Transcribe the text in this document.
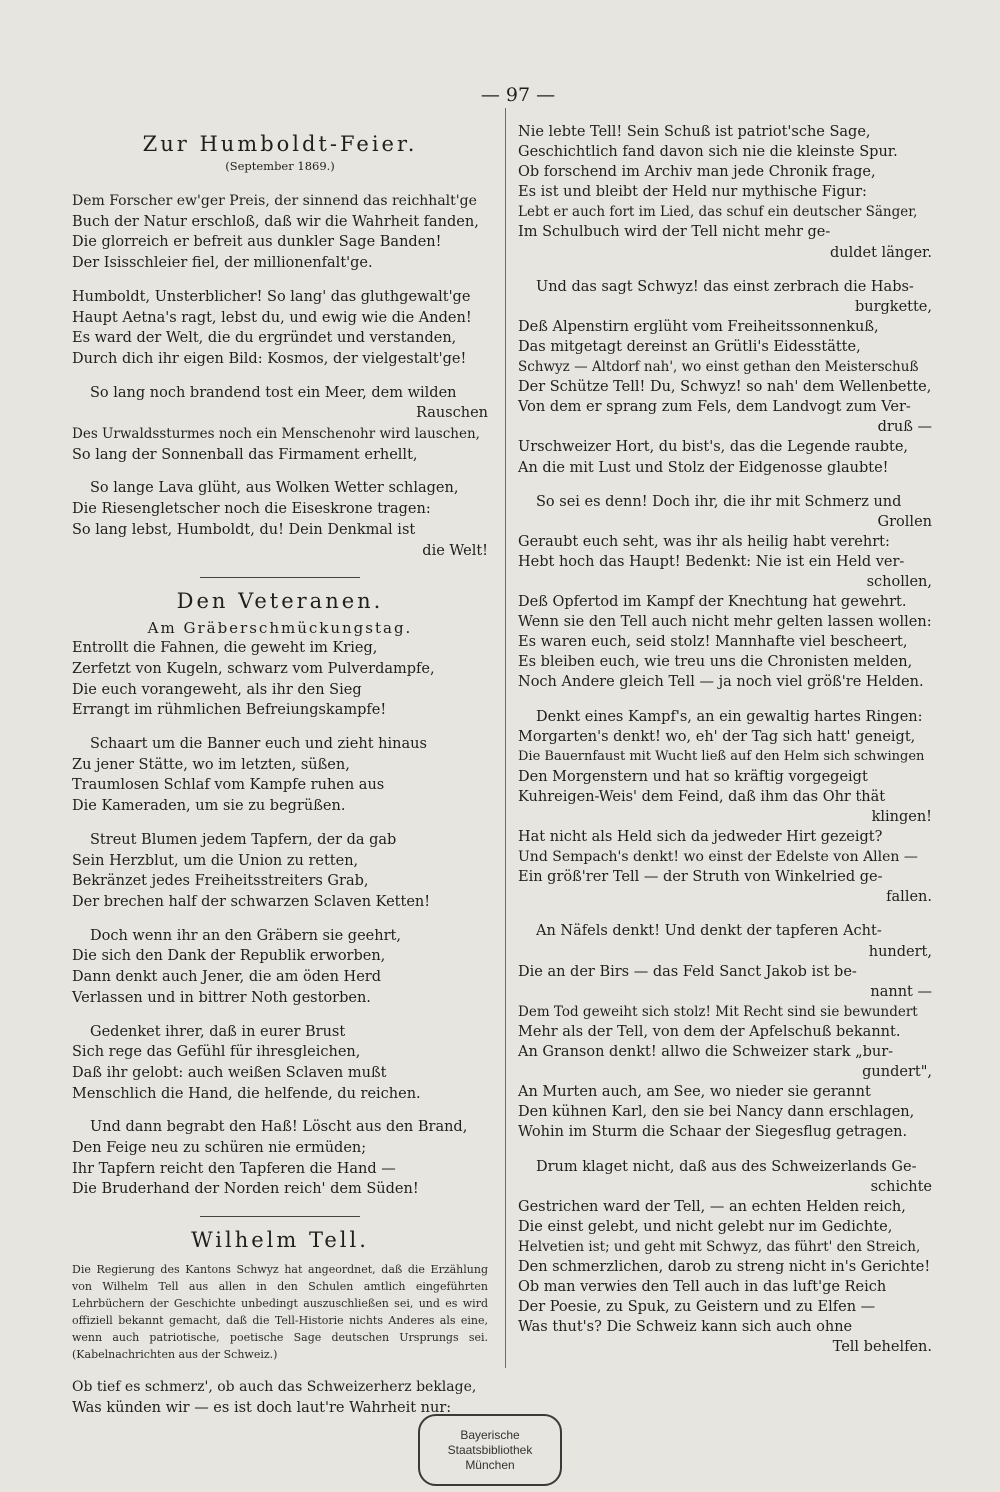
— 97 —
Zur Humboldt-Feier.
(September 1869.)
Dem Forscher ew'ger Preis, der sinnend das reichhalt'ge
Buch der Natur erschloß, daß wir die Wahrheit fanden,
Die glorreich er befreit aus dunkler Sage Banden!
Der Isisschleier fiel, der millionenfalt'ge.
Humboldt, Unsterblicher! So lang' das gluthgewalt'ge
Haupt Aetna's ragt, lebst du, und ewig wie die Anden!
Es ward der Welt, die du ergründet und verstanden,
Durch dich ihr eigen Bild: Kosmos, der vielgestalt'ge!
So lang noch brandend tost ein Meer, dem wilden
Rauschen
Des Urwaldssturmes noch ein Menschenohr wird lauschen,
So lang der Sonnenball das Firmament erhellt,
So lange Lava glüht, aus Wolken Wetter schlagen,
Die Riesengletscher noch die Eiseskrone tragen:
So lang lebst, Humboldt, du! Dein Denkmal ist
die Welt!
Den Veteranen.
Am Gräberschmückungstag.
Entrollt die Fahnen, die geweht im Krieg,
Zerfetzt von Kugeln, schwarz vom Pulverdampfe,
Die euch vorangeweht, als ihr den Sieg
Errangt im rühmlichen Befreiungskampfe!
Schaart um die Banner euch und zieht hinaus
Zu jener Stätte, wo im letzten, süßen,
Traumlosen Schlaf vom Kampfe ruhen aus
Die Kameraden, um sie zu begrüßen.
Streut Blumen jedem Tapfern, der da gab
Sein Herzblut, um die Union zu retten,
Bekränzet jedes Freiheitsstreiters Grab,
Der brechen half der schwarzen Sclaven Ketten!
Doch wenn ihr an den Gräbern sie geehrt,
Die sich den Dank der Republik erworben,
Dann denkt auch Jener, die am öden Herd
Verlassen und in bittrer Noth gestorben.
Gedenket ihrer, daß in eurer Brust
Sich rege das Gefühl für ihresgleichen,
Daß ihr gelobt: auch weißen Sclaven mußt
Menschlich die Hand, die helfende, du reichen.
Und dann begrabt den Haß! Löscht aus den Brand,
Den Feige neu zu schüren nie ermüden;
Ihr Tapfern reicht den Tapferen die Hand —
Die Bruderhand der Norden reich' dem Süden!
Wilhelm Tell.
Die Regierung des Kantons Schwyz hat angeordnet, daß die Erzählung von Wilhelm Tell aus allen in den Schulen amtlich eingeführten Lehrbüchern der Geschichte unbedingt auszuschließen sei, und es wird offiziell bekannt gemacht, daß die Tell-Historie nichts Anderes als eine, wenn auch patriotische, poetische Sage deutschen Ursprungs sei. (Kabelnachrichten aus der Schweiz.)
Ob tief es schmerz', ob auch das Schweizerherz beklage,
Was künden wir — es ist doch laut're Wahrheit nur:
Nie lebte Tell! Sein Schuß ist patriot'sche Sage,
Geschichtlich fand davon sich nie die kleinste Spur.
Ob forschend im Archiv man jede Chronik frage,
Es ist und bleibt der Held nur mythische Figur:
Lebt er auch fort im Lied, das schuf ein deutscher Sänger,
Im Schulbuch wird der Tell nicht mehr ge-
duldet länger.
Und das sagt Schwyz! das einst zerbrach die Habs-
burgkette,
Deß Alpenstirn erglüht vom Freiheitssonnenkuß,
Das mitgetagt dereinst an Grütli's Eidesstätte,
Schwyz — Altdorf nah', wo einst gethan den Meisterschuß
Der Schütze Tell! Du, Schwyz! so nah' dem Wellenbette,
Von dem er sprang zum Fels, dem Landvogt zum Ver-
druß —
Urschweizer Hort, du bist's, das die Legende raubte,
An die mit Lust und Stolz der Eidgenosse glaubte!
So sei es denn! Doch ihr, die ihr mit Schmerz und
Grollen
Geraubt euch seht, was ihr als heilig habt verehrt:
Hebt hoch das Haupt! Bedenkt: Nie ist ein Held ver-
schollen,
Deß Opfertod im Kampf der Knechtung hat gewehrt.
Wenn sie den Tell auch nicht mehr gelten lassen wollen:
Es waren euch, seid stolz! Mannhafte viel bescheert,
Es bleiben euch, wie treu uns die Chronisten melden,
Noch Andere gleich Tell — ja noch viel größ're Helden.
Denkt eines Kampf's, an ein gewaltig hartes Ringen:
Morgarten's denkt! wo, eh' der Tag sich hatt' geneigt,
Die Bauernfaust mit Wucht ließ auf den Helm sich schwingen
Den Morgenstern und hat so kräftig vorgegeigt
Kuhreigen-Weis' dem Feind, daß ihm das Ohr thät
klingen!
Hat nicht als Held sich da jedweder Hirt gezeigt?
Und Sempach's denkt! wo einst der Edelste von Allen —
Ein größ'rer Tell — der Struth von Winkelried ge-
fallen.
An Näfels denkt! Und denkt der tapferen Acht-
hundert,
Die an der Birs — das Feld Sanct Jakob ist be-
nannt —
Dem Tod geweiht sich stolz! Mit Recht sind sie bewundert
Mehr als der Tell, von dem der Apfelschuß bekannt.
An Granson denkt! allwo die Schweizer stark „bur-
gundert",
An Murten auch, am See, wo nieder sie gerannt
Den kühnen Karl, den sie bei Nancy dann erschlagen,
Wohin im Sturm die Schaar der Siegesflug getragen.
Drum klaget nicht, daß aus des Schweizerlands Ge-
schichte
Gestrichen ward der Tell, — an echten Helden reich,
Die einst gelebt, und nicht gelebt nur im Gedichte,
Helvetien ist; und geht mit Schwyz, das führt' den Streich,
Den schmerzlichen, darob zu streng nicht in's Gerichte!
Ob man verwies den Tell auch in das luft'ge Reich
Der Poesie, zu Spuk, zu Geistern und zu Elfen —
Was thut's? Die Schweiz kann sich auch ohne
Tell behelfen.
Bayerische
Staatsbibliothek
München
